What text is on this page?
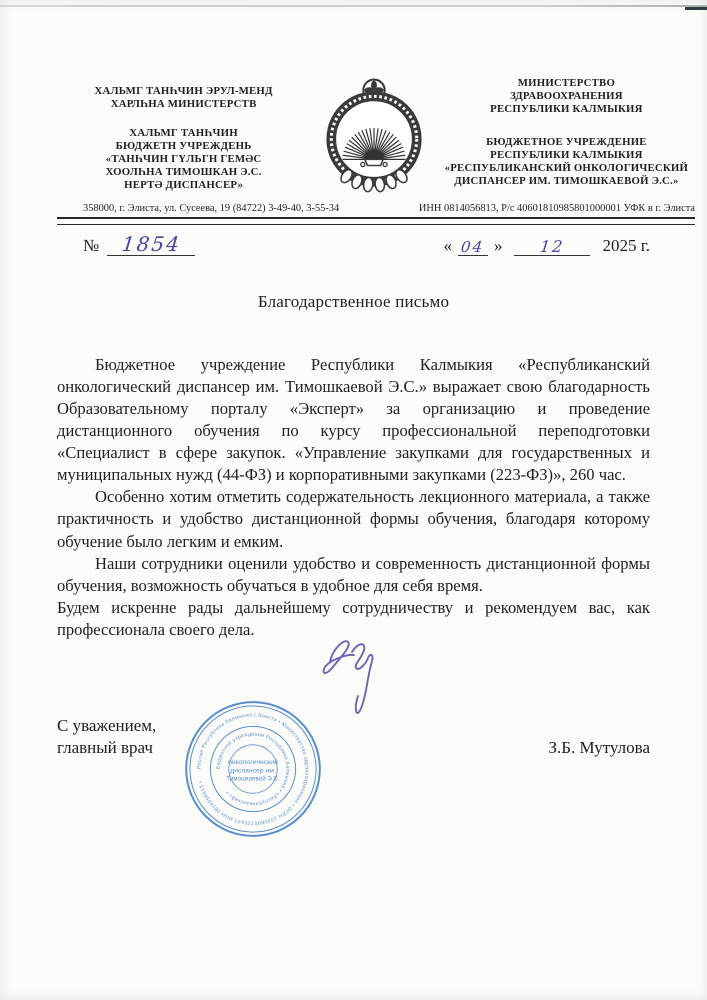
ХАЛЬМГ ТАНҺЧИН ЭРУЛ-МЕНД
ХАРЛҺНА МИНИСТЕРСТВ
ХАЛЬМГ ТАНҺЧИН
БЮДЖЕТН УЧРЕЖДЕНЬ
«ТАНҺЧИН ГҮЛЬГН ГЕМӘС
ХООЛҺНА ТИМОШКАН Э.С.
НЕРТӘ ДИСПАНСЕР»
МИНИСТЕРСТВО
ЗДРАВООХРАНЕНИЯ
РЕСПУБЛИКИ КАЛМЫКИЯ
БЮДЖЕТНОЕ УЧРЕЖДЕНИЕ
РЕСПУБЛИКИ КАЛМЫКИЯ
«РЕСПУБЛИКАНСКИЙ ОНКОЛОГИЧЕСКИЙ
ДИСПАНСЕР ИМ. ТИМОШКАЕВОЙ Э.С.»
358000, г. Элиста, ул. Сусеева, 19 (84722) 3-49-40, 3-55-34	ИНН 0814056813, Р/с 40601810985801000001 УФК в г. Элиста
№ 1854	« 04 »	12	2025 г.
Благодарственное письмо

Бюджетное учреждение Республики Калмыкия «Республиканский онкологический диспансер им. Тимошкаевой Э.С.» выражает свою благодарность Образовательному порталу «Эксперт» за организацию и проведение дистанционного обучения по курсу профессиональной переподготовки «Специалист в сфере закупок. «Управление закупками для государственных и муниципальных нужд (44-ФЗ) и корпоративными закупками (223-ФЗ)», 260 час.

Особенно хотим отметить содержательность лекционного материала, а также практичность и удобство дистанционной формы обучения, благодаря которому обучение было легким и емким.

Наши сотрудники оценили удобство и современность дистанционной формы обучения, возможность обучаться в удобное для себя время.

Будем искренне рады дальнейшему сотрудничеству и рекомендуем вас, как профессионала своего дела.

С уважением,
главный врач	З.Б. Мутулова
Россия Республика Калмыкия г.Элиста • Министерство здравоохранения • ОГРН 1030800720647 ИНН 0814056813 •
Бюджетное учреждение Республики Калмыкия • «Республиканский» •
онкологический
диспансер им.
Тимошкаевой Э.С.
